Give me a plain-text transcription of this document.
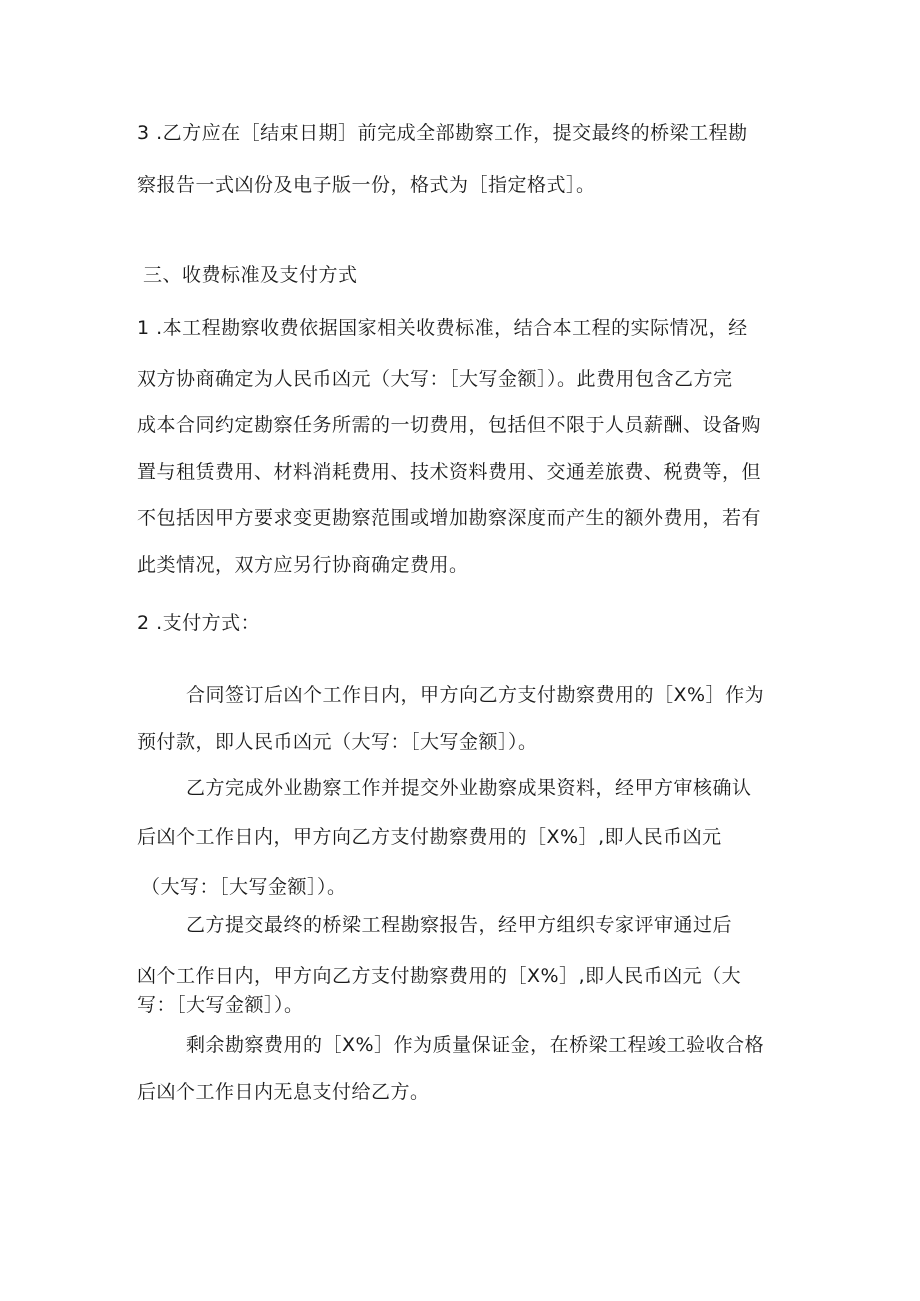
3 .乙方应在［结束日期］前完成全部勘察工作，提交最终的桥梁工程勘
察报告一式凶份及电子版一份，格式为［指定格式］。
三、收费标准及支付方式
1 .本工程勘察收费依据国家相关收费标准，结合本工程的实际情况，经
双方协商确定为人民币凶元（大写：［大写金额］）。此费用包含乙方完
成本合同约定勘察任务所需的一切费用，包括但不限于人员薪酬、设备购
置与租赁费用、材料消耗费用、技术资料费用、交通差旅费、税费等，但
不包括因甲方要求变更勘察范围或增加勘察深度而产生的额外费用，若有
此类情况，双方应另行协商确定费用。
2 .支付方式：
合同签订后凶个工作日内，甲方向乙方支付勘察费用的［X%］作为
预付款，即人民币凶元（大写：［大写金额］）。
乙方完成外业勘察工作并提交外业勘察成果资料，经甲方审核确认
后凶个工作日内，甲方向乙方支付勘察费用的［X%］,即人民币凶元
（大写：［大写金额］）。
乙方提交最终的桥梁工程勘察报告，经甲方组织专家评审通过后
凶个工作日内，甲方向乙方支付勘察费用的［X%］,即人民币凶元（大
写：［大写金额］）。
剩余勘察费用的［X%］作为质量保证金，在桥梁工程竣工验收合格
后凶个工作日内无息支付给乙方。
